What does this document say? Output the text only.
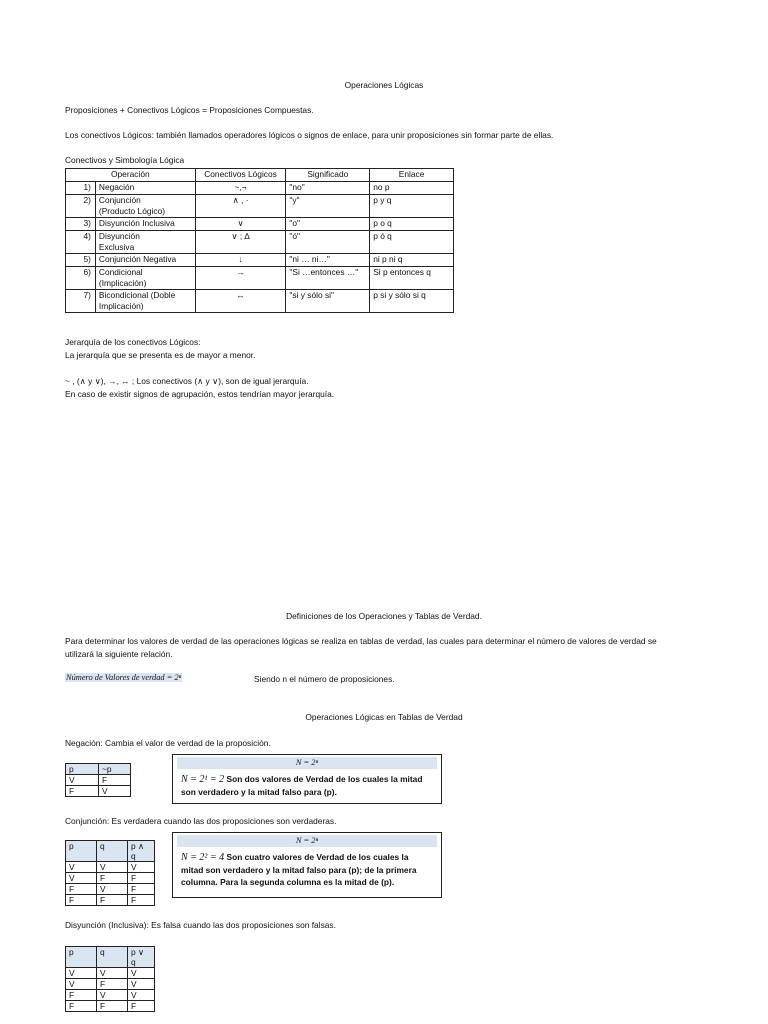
Operaciones Lógicas
Proposiciones + Conectivos Lógicos = Proposiciones Compuestas.
Los conectivos Lógicos: también llamados operadores lógicos o signos de enlace, para unir proposiciones sin formar parte de ellas.
Conectivos y Simbología Lógica
Operación		Conectivos Lógicos	Significado	Enlace
1)	Negación	~,¬	"no"	no p
2)	Conjunción
(Producto Lógico)	∧ , ·	"y"	p y q
3)	Disyunción Inclusiva	∨	"o"	p o q
4)	Disyunción
Exclusiva	∨ ; ∆	"ó"	p ó q
5)	Conjunción Negativa	↓	"ni … ni…"	ni p ni q
6)	Condicional
(Implicación)	→	"Si …entonces …"	Si p entonces q
7)	Bicondicional (Doble
Implicación)	↔	"si y sólo si"	p si y sólo si q
Jerarquía de los conectivos Lógicos:
La jerarquía que se presenta es de mayor a menor.
~ , (∧ y ∨), →, ↔ ; Los conectivos (∧ y ∨), son de igual jerarquía.
En caso de existir signos de agrupación, estos tendrían mayor jerarquía.
Definiciones de los Operaciones y Tablas de Verdad.
Para determinar los valores de verdad de las operaciones lógicas se realiza en tablas de verdad, las cuales para determinar el número de valores de verdad se
utilizará la siguiente relación.
Número de Valores de verdad = 2ⁿ	Siendo n el número de proposiciones.
Operaciones Lógicas en Tablas de Verdad
Negación: Cambia el valor de verdad de la proposición.
p	~p
V	F
F	V
N = 2ⁿ
N = 2¹ = 2 Son dos valores de Verdad de los cuales la mitad son verdadero y la mitad falso para (p).
Conjunción: Es verdadera cuando las dos proposiciones son verdaderas.
p	q	p ∧ q
V	V	V
V	F	F
F	V	F
F	F	F
N = 2ⁿ
N = 2² = 4 Son cuatro valores de Verdad de los cuales la mitad son verdadero y la mitad falso para (p); de la primera columna. Para la segunda columna es la mitad de (p).
Disyunción (Inclusiva): Es falsa cuando las dos proposiciones son falsas.
p	q	p ∨ q
V	V	V
V	F	V
F	V	V
F	F	F
